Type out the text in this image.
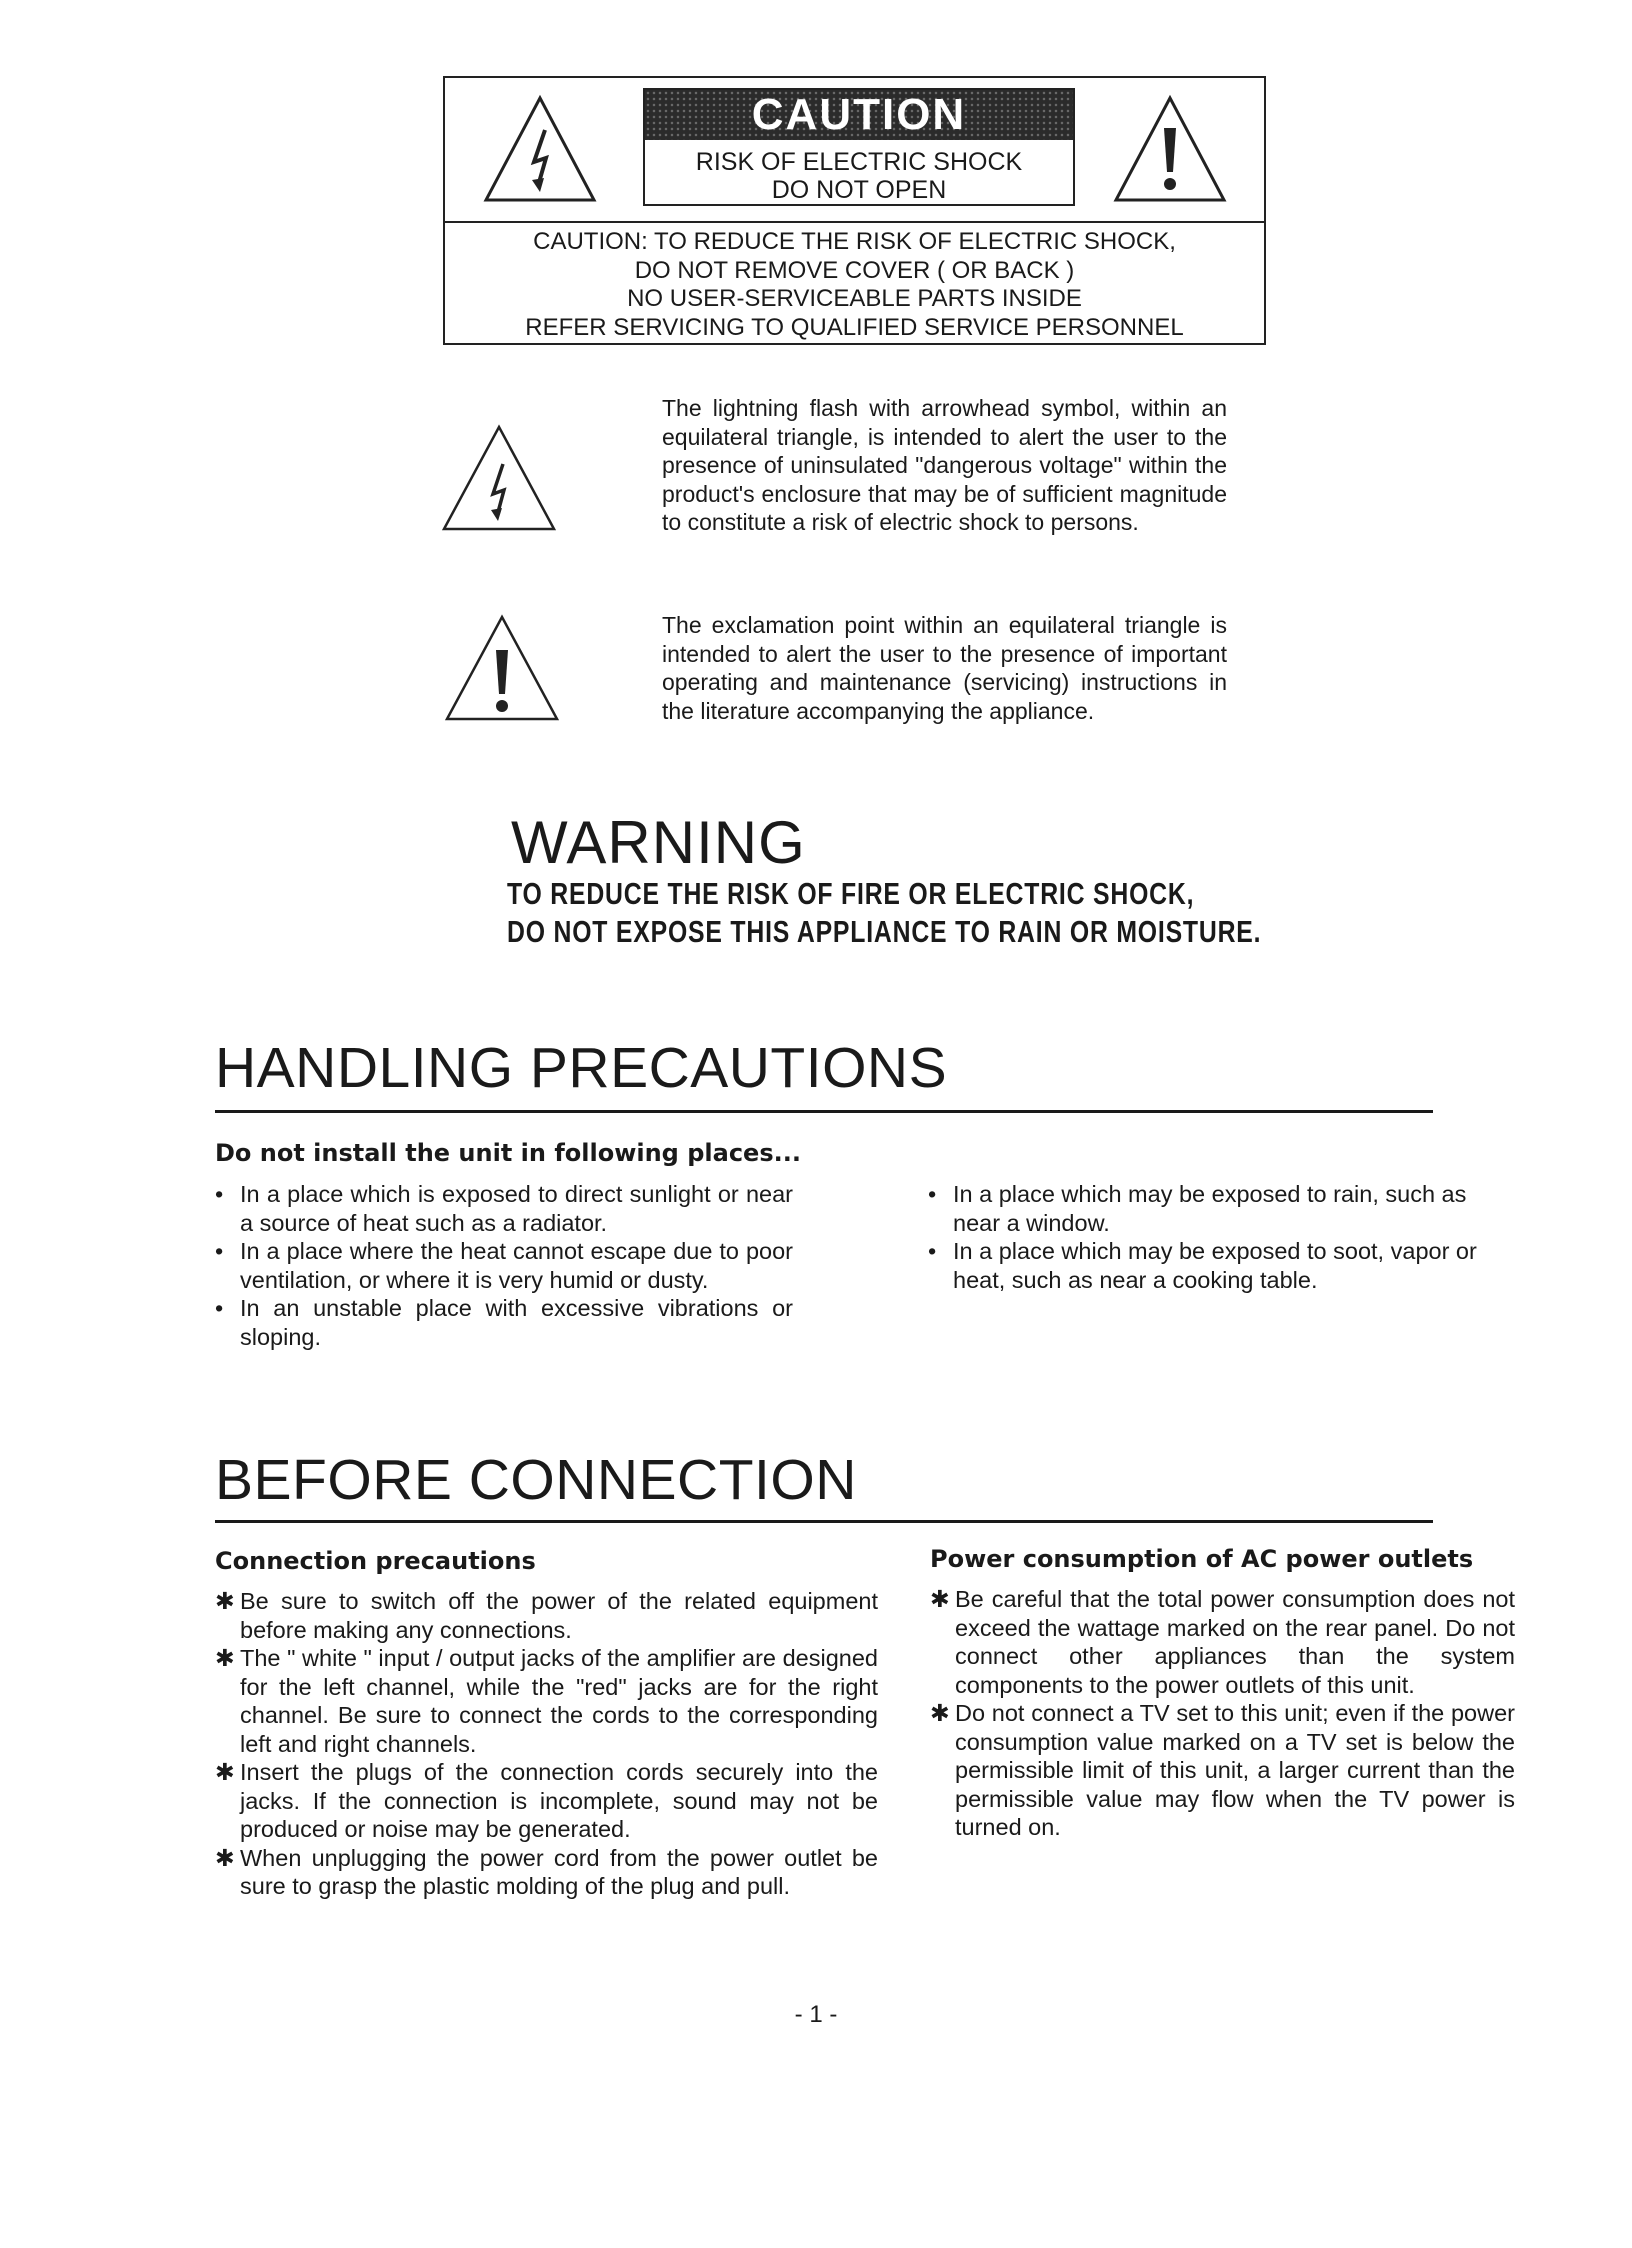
CAUTION
RISK OF ELECTRIC SHOCK
DO NOT OPEN
CAUTION: TO REDUCE THE RISK OF ELECTRIC SHOCK,
DO NOT REMOVE COVER ( OR BACK )
NO USER-SERVICEABLE PARTS INSIDE
REFER SERVICING TO QUALIFIED SERVICE PERSONNEL
The lightning flash with arrowhead symbol, within an equilateral triangle, is intended to alert the user to the presence of uninsulated "dangerous voltage" within the product's enclosure that may be of sufficient magnitude to constitute a risk of electric shock to persons.
The exclamation point within an equilateral triangle is intended to alert the user to the presence of important operating and maintenance (servicing) instructions in the literature accompanying the appliance.
WARNING
TO REDUCE THE RISK OF FIRE OR ELECTRIC SHOCK,
DO NOT EXPOSE THIS APPLIANCE TO RAIN OR MOISTURE.
HANDLING PRECAUTIONS
Do not install the unit in following places...
• In a place which is exposed to direct sunlight or near a source of heat such as a radiator.
• In a place where the heat cannot escape due to poor ventilation, or where it is very humid or dusty.
• In an unstable place with excessive vibrations or sloping.
• In a place which may be exposed to rain, such as near a window.
• In a place which may be exposed to soot, vapor or heat, such as near a cooking table.
BEFORE CONNECTION
Connection precautions	Power consumption of AC power outlets
✱ Be sure to switch off the power of the related equipment before making any connections.
✱ The " white " input / output jacks of the amplifier are designed for the left channel, while the "red" jacks are for the right channel. Be sure to connect the cords to the corresponding left and right channels.
✱ Insert the plugs of the connection cords securely into the jacks. If the connection is incomplete, sound may not be produced or noise may be generated.
✱ When unplugging the power cord from the power outlet be sure to grasp the plastic molding of the plug and pull.
✱ Be careful that the total power consumption does not exceed the wattage marked on the rear panel. Do not connect other appliances than the system components to the power outlets of this unit.
✱ Do not connect a TV set to this unit; even if the power consumption value marked on a TV set is below the permissible limit of this unit, a larger current than the permissible value may flow when the TV power is turned on.
- 1 -
